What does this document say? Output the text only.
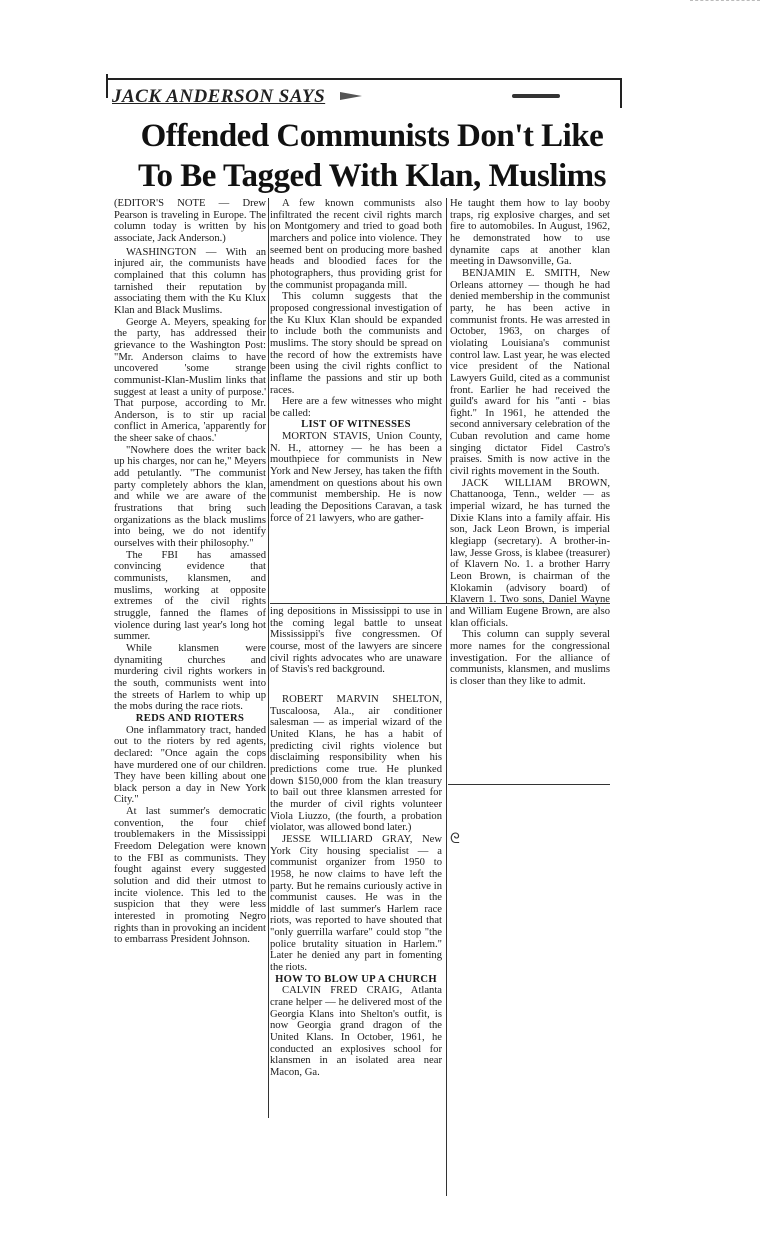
JACK ANDERSON SAYS
Offended Communists Don't Like
To Be Tagged With Klan, Muslims

(EDITOR'S NOTE — Drew Pearson is traveling in Europe. The column today is written by his associate, Jack Anderson.)

WASHINGTON — With an injured air, the communists have complained that this column has tarnished their reputation by associating them with the Ku Klux Klan and Black Muslims.

George A. Meyers, speaking for the party, has addressed their grievance to the Washington Post: "Mr. Anderson claims to have uncovered 'some strange communist-Klan-Muslim links that suggest at least a unity of purpose.' That purpose, according to Mr. Anderson, is to stir up racial conflict in America, 'apparently for the sheer sake of chaos.'

"Nowhere does the writer back up his charges, nor can he," Meyers add petulantly. "The communist party completely abhors the klan, and while we are aware of the frustrations that bring such organizations as the black muslims into being, we do not identify ourselves with their philosophy."

The FBI has amassed convincing evidence that communists, klansmen, and muslims, working at opposite extremes of the civil rights struggle, fanned the flames of violence during last year's long hot summer.

While klansmen were dynamiting churches and murdering civil rights workers in the south, communists went into the streets of Harlem to whip up the mobs during the race riots.

REDS AND RIOTERS

One inflammatory tract, handed out to the rioters by red agents, declared: "Once again the cops have murdered one of our children. They have been killing about one black person a day in New York City."

At last summer's democratic convention, the four chief troublemakers in the Mississippi Freedom Delegation were known to the FBI as communists. They fought against every suggested solution and did their utmost to incite violence. This led to the suspicion that they were less interested in promoting Negro rights than in provoking an incident to embarrass President Johnson.

A few known communists also infiltrated the recent civil rights march on Montgomery and tried to goad both marchers and police into violence. They seemed bent on producing more bashed heads and bloodied faces for the photographers, thus providing grist for the communist propaganda mill.

This column suggests that the proposed congressional investigation of the Ku Klux Klan should be expanded to include both the communists and muslims. The story should be spread on the record of how the extremists have been using the civil rights conflict to inflame the passions and stir up both races.

Here are a few witnesses who might be called:

LIST OF WITNESSES

MORTON STAVIS, Union County, N. H., attorney — he has been a mouthpiece for communists in New York and New Jersey, has taken the fifth amendment on questions about his own communist membership. He is now leading the Depositions Caravan, a task force of 21 lawyers, who are gather-

ing depositions in Mississippi to use in the coming legal battle to unseat Mississippi's five congressmen. Of course, most of the lawyers are sincere civil rights advocates who are unaware of Stavis's red background.

ROBERT MARVIN SHELTON, Tuscaloosa, Ala., air conditioner salesman — as imperial wizard of the United Klans, he has a habit of predicting civil rights violence but disclaiming responsibility when his predictions come true. He plunked down $150,000 from the klan treasury to bail out three klansmen arrested for the murder of civil rights volunteer Viola Liuzzo, (the fourth, a probation violator, was allowed bond later.)

JESSE WILLIARD GRAY, New York City housing specialist — a communist organizer from 1950 to 1958, he now claims to have left the party. But he remains curiously active in communist causes. He was in the middle of last summer's Harlem race riots, was reported to have shouted that "only guerrilla warfare" could stop "the police brutality situation in Harlem." Later he denied any part in fomenting the riots.

HOW TO BLOW UP A CHURCH

CALVIN FRED CRAIG, Atlanta crane helper — he delivered most of the Georgia Klans into Shelton's outfit, is now Georgia grand dragon of the United Klans. In October, 1961, he conducted an explosives school for klansmen in an isolated area near Macon, Ga.

He taught them how to lay booby traps, rig explosive charges, and set fire to automobiles. In August, 1962, he demonstrated how to use dynamite caps at another klan meeting in Dawsonville, Ga.

BENJAMIN E. SMITH, New Orleans attorney — though he had denied membership in the communist party, he has been active in communist fronts. He was arrested in October, 1963, on charges of violating Louisiana's communist control law. Last year, he was elected vice president of the National Lawyers Guild, cited as a communist front. Earlier he had received the guild's award for his "anti - bias fight." In 1961, he attended the second anniversary celebration of the Cuban revolution and came home singing dictator Fidel Castro's praises. Smith is now active in the civil rights movement in the South.

JACK WILLIAM BROWN, Chattanooga, Tenn., welder — as imperial wizard, he has turned the Dixie Klans into a family affair. His son, Jack Leon Brown, is imperial klegiapp (secretary). A brother-in-law, Jesse Gross, is klabee (treasurer) of Klavern No. 1. a brother Harry Leon Brown, is chairman of the Klokamin (advisory board) of Klavern 1. Two sons, Daniel Wayne and William Eugene Brown, are also klan officials.

This column can supply several more names for the congressional investigation. For the alliance of communists, klansmen, and muslims is closer than they like to admit.

ᘓ
